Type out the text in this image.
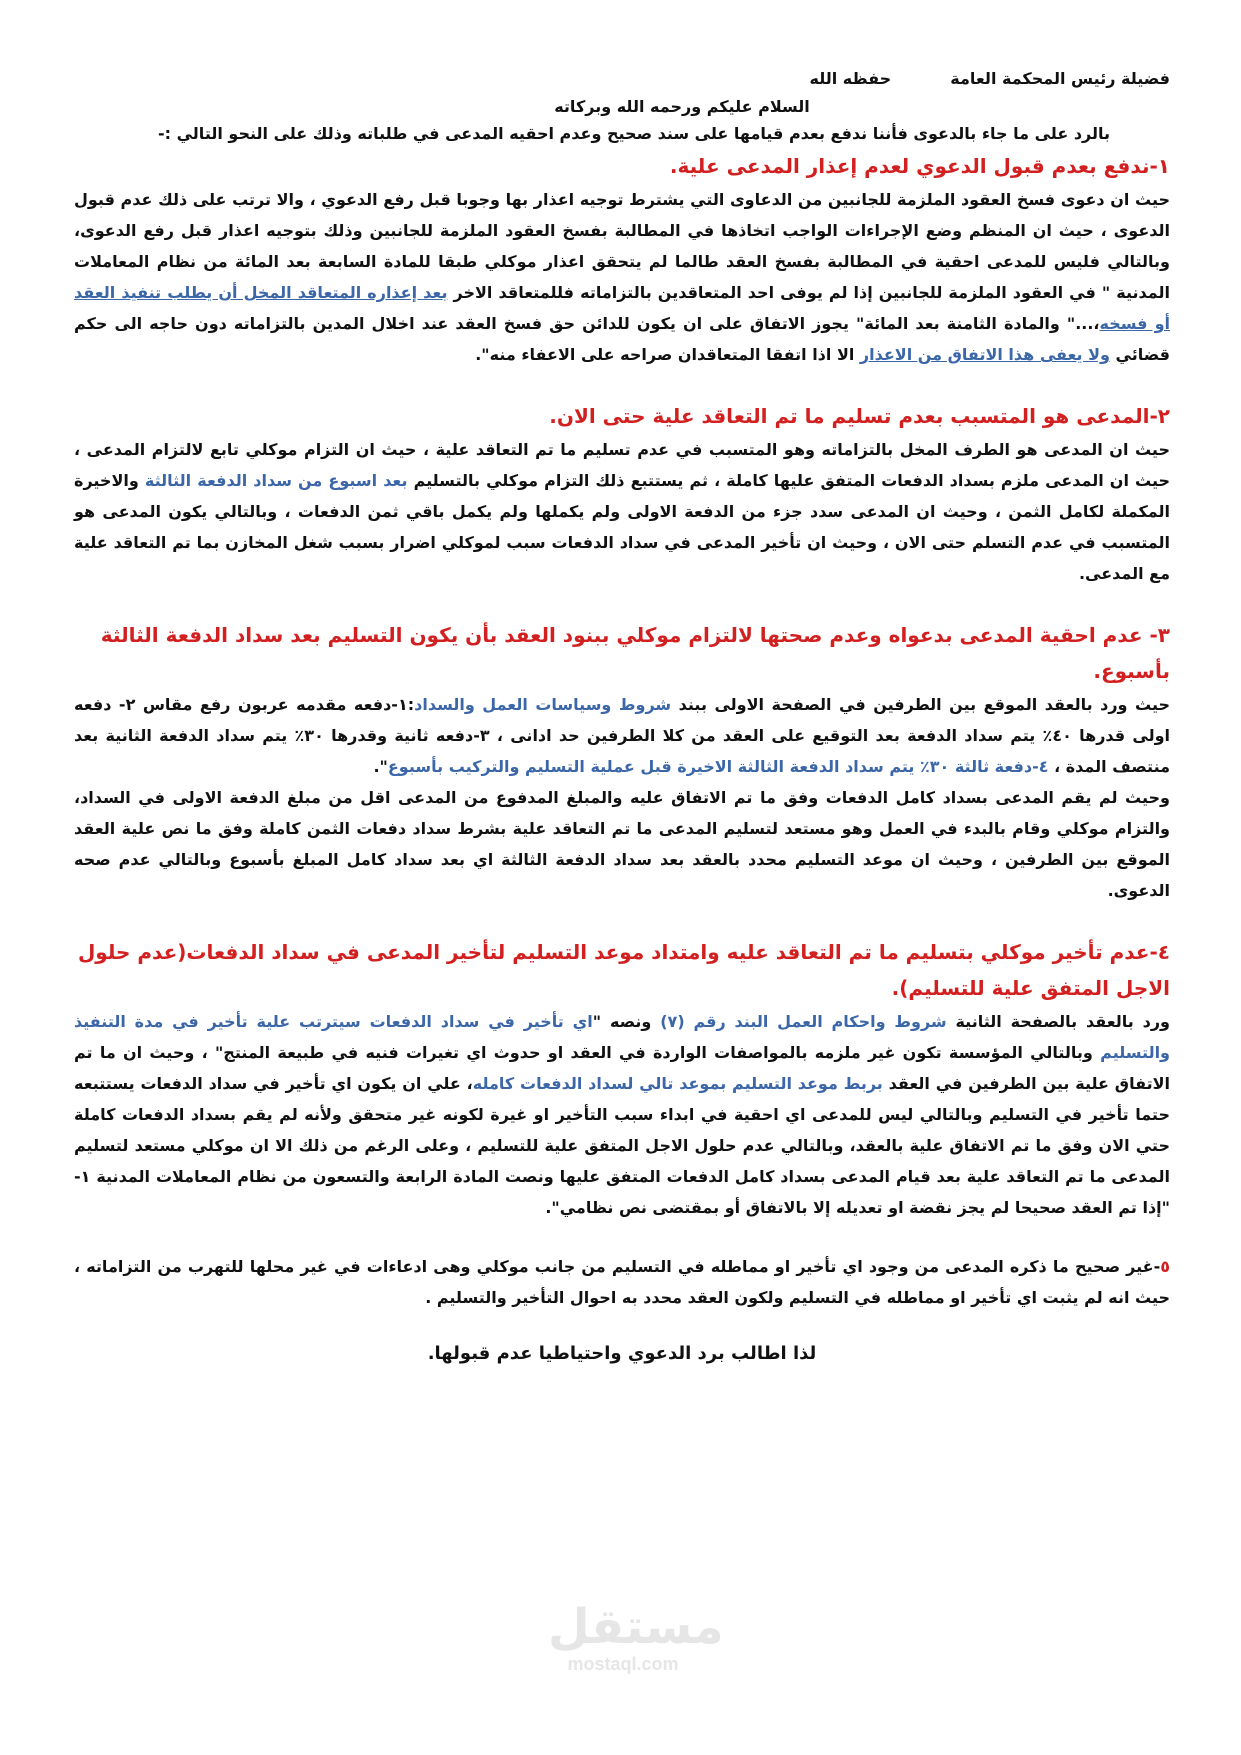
فضيلة رئيس المحكمة العامة  حفظه الله
السلام عليكم ورحمه الله وبركاته
بالرد على ما جاء بالدعوى فأننا ندفع بعدم قيامها على سند صحيح وعدم احقيه المدعى في طلباته وذلك على النحو التالي :-
١-ندفع بعدم قبول الدعوي لعدم إعذار المدعى علية.
حيث ان دعوى فسخ العقود الملزمة للجانبين من الدعاوى التي يشترط توجيه اعذار بها وجوبا قبل رفع الدعوي ، والا ترتب على ذلك عدم قبول الدعوى ، حيث ان المنظم وضع الإجراءات الواجب اتخاذها في المطالبة بفسخ العقود الملزمة للجانبين وذلك بتوجيه اعذار قبل رفع الدعوى، وبالتالي فليس للمدعى احقية في المطالبة بفسخ العقد طالما لم يتحقق اعذار موكلي طبقا للمادة السابعة بعد المائة من نظام المعاملات المدنية " في العقود الملزمة للجانبين إذا لم يوفى احد المتعاقدين بالتزاماته فللمتعاقد الاخر بعد إعذاره المتعاقد المخل أن يطلب تنفيذ العقد أو فسخه،..." والمادة الثامنة بعد المائة" يجوز الاتفاق على ان يكون للدائن حق فسخ العقد عند اخلال المدين بالتزاماته دون حاجه الى حكم قضائي ولا يعفى هذا الاتفاق من الاعذار الا اذا اتفقا المتعاقدان صراحه على الاعفاء منه".
٢-المدعى هو المتسبب بعدم تسليم ما تم التعاقد علية حتى الان.
حيث ان المدعى هو الطرف المخل بالتزاماته وهو المتسبب في عدم تسليم ما تم التعاقد علية ، حيث ان التزام موكلي تابع لالتزام المدعى ، حيث ان المدعى ملزم بسداد الدفعات المتفق عليها كاملة ، ثم يستتبع ذلك التزام موكلي بالتسليم بعد اسبوع من سداد الدفعة الثالثة والاخيرة المكملة لكامل الثمن ، وحيث ان المدعى سدد جزء من الدفعة الاولى ولم يكملها ولم يكمل باقي ثمن الدفعات ، وبالتالي يكون المدعى هو المتسبب في عدم التسلم حتى الان ، وحيث ان تأخير المدعى في سداد الدفعات سبب لموكلي اضرار بسبب شغل المخازن بما تم التعاقد علية مع المدعى.
٣- عدم احقية المدعى بدعواه وعدم صحتها لالتزام موكلي ببنود العقد بأن يكون التسليم بعد سداد الدفعة الثالثة بأسبوع.
حيث ورد بالعقد الموقع بين الطرفين في الصفحة الاولى ببند شروط وسياسات العمل والسداد:١-دفعه مقدمه عربون رفع مقاس ٢- دفعه اولى قدرها ٤٠٪ يتم سداد الدفعة بعد التوقيع على العقد من كلا الطرفين حد ادانى ، ٣-دفعه ثانية وقدرها ٣٠٪ يتم سداد الدفعة الثانية بعد منتصف المدة ، ٤-دفعة ثالثة ٣٠٪ يتم سداد الدفعة الثالثة الاخيرة قبل عملية التسليم والتركيب بأسبوع".
وحيث لم يقم المدعى بسداد كامل الدفعات وفق ما تم الاتفاق عليه والمبلغ المدفوع من المدعى اقل من مبلغ الدفعة الاولى في السداد، والتزام موكلي وقام بالبدء في العمل وهو مستعد لتسليم المدعى ما تم التعاقد علية بشرط سداد دفعات الثمن كاملة وفق ما نص علية العقد الموقع بين الطرفين ، وحيث ان موعد التسليم محدد بالعقد بعد سداد الدفعة الثالثة اي بعد سداد كامل المبلغ بأسبوع وبالتالي عدم صحه الدعوى.
٤-عدم تأخير موكلي بتسليم ما تم التعاقد عليه وامتداد موعد التسليم لتأخير المدعى في سداد الدفعات(عدم حلول الاجل المتفق علية للتسليم).
ورد بالعقد بالصفحة الثانية شروط واحكام العمل البند رقم (٧) ونصه "اي تأخير في سداد الدفعات سيترتب علية تأخير في مدة التنفيذ والتسليم وبالتالي المؤسسة تكون غير ملزمه بالمواصفات الواردة في العقد او حدوث اي تغيرات فنيه في طبيعة المنتج" ، وحيث ان ما تم الاتفاق علية بين الطرفين في العقد بربط موعد التسليم بموعد تالي لسداد الدفعات كامله، علي ان يكون اي تأخير في سداد الدفعات يستتبعه حتما تأخير في التسليم وبالتالي ليس للمدعى اي احقية في ابداء سبب التأخير او غيرة لكونه غير متحقق ولأنه لم يقم بسداد الدفعات كاملة حتي الان وفق ما تم الاتفاق علية بالعقد، وبالتالي عدم حلول الاجل المتفق علية للتسليم ، وعلى الرغم من ذلك الا ان موكلي مستعد لتسليم المدعى ما تم التعاقد علية بعد قيام المدعى بسداد كامل الدفعات المتفق عليها ونصت المادة الرابعة والتسعون من نظام المعاملات المدنية ١-"إذا تم العقد صحيحا لم يجز نقضة او تعديله إلا بالاتفاق أو بمقتضى نص نظامي".
٥-غير صحيح ما ذكره المدعى من وجود اي تأخير او مماطله في التسليم من جانب موكلي وهى ادعاءات في غير محلها للتهرب من التزاماته ، حيث انه لم يثبت اي تأخير او مماطله في التسليم ولكون العقد محدد به احوال التأخير والتسليم .
لذا اطالب برد الدعوي واحتياطيا عدم قبولها.
مستقل
mostaql.com
